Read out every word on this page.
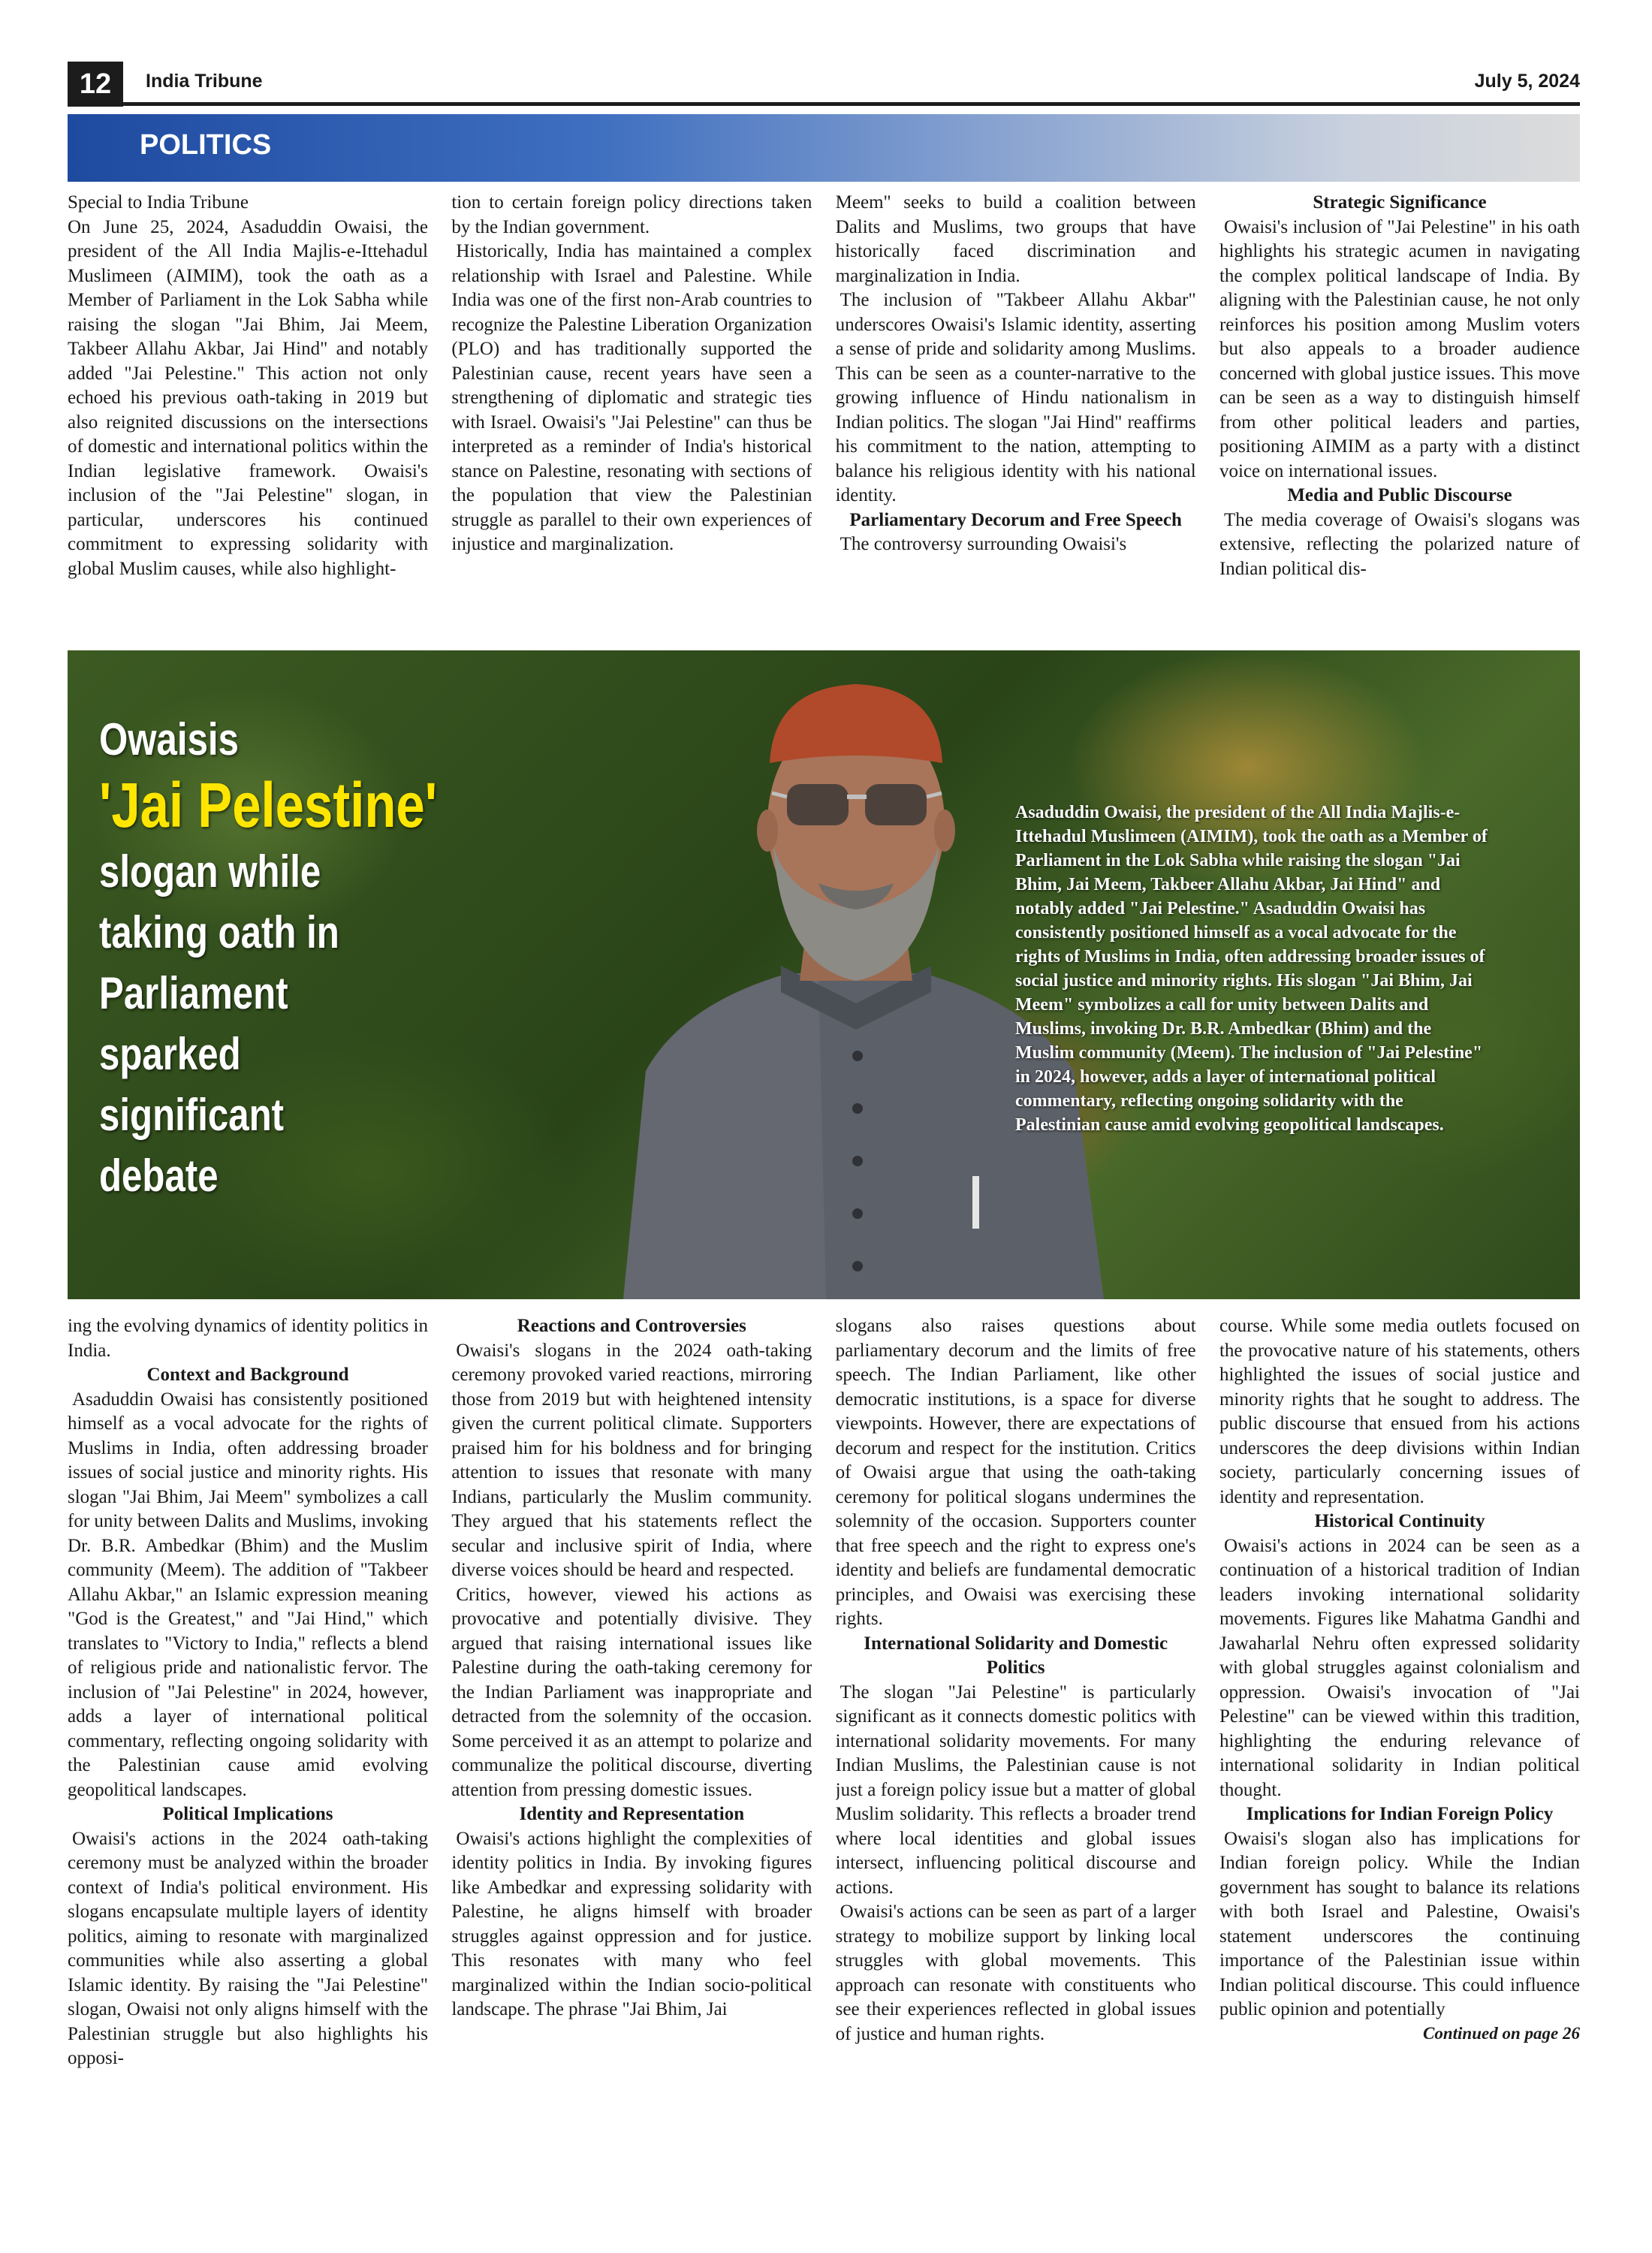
12	India Tribune	July 5, 2024
POLITICS

Special to India Tribune

On June 25, 2024, Asaduddin Owaisi, the president of the All India Majlis-e-Ittehadul Muslimeen (AIMIM), took the oath as a Member of Parliament in the Lok Sabha while raising the slogan "Jai Bhim, Jai Meem, Takbeer Allahu Akbar, Jai Hind" and notably added "Jai Pelestine." This action not only echoed his previous oath-taking in 2019 but also reignited discussions on the intersections of domestic and international politics within the Indian legislative framework. Owaisi's inclusion of the "Jai Pelestine" slogan, in particular, underscores his continued commitment to expressing solidarity with global Muslim causes, while also highlight-

tion to certain foreign policy directions taken by the Indian government.

Historically, India has maintained a complex relationship with Israel and Palestine. While India was one of the first non-Arab countries to recognize the Palestine Liberation Organization (PLO) and has traditionally supported the Palestinian cause, recent years have seen a strengthening of diplomatic and strategic ties with Israel. Owaisi's "Jai Pelestine" can thus be interpreted as a reminder of India's historical stance on Palestine, resonating with sections of the population that view the Palestinian struggle as parallel to their own experiences of injustice and marginalization.

Meem" seeks to build a coalition between Dalits and Muslims, two groups that have historically faced discrimination and marginalization in India.

The inclusion of "Takbeer Allahu Akbar" underscores Owaisi's Islamic identity, asserting a sense of pride and solidarity among Muslims. This can be seen as a counter-narrative to the growing influence of Hindu nationalism in Indian politics. The slogan "Jai Hind" reaffirms his commitment to the nation, attempting to balance his religious identity with his national identity.

Parliamentary Decorum and Free Speech

The controversy surrounding Owaisi's

Strategic Significance

Owaisi's inclusion of "Jai Pelestine" in his oath highlights his strategic acumen in navigating the complex political landscape of India. By aligning with the Palestinian cause, he not only reinforces his position among Muslim voters but also appeals to a broader audience concerned with global justice issues. This move can be seen as a way to distinguish himself from other political leaders and parties, positioning AIMIM as a party with a distinct voice on international issues.

Media and Public Discourse

The media coverage of Owaisi's slogans was extensive, reflecting the polarized nature of Indian political dis-

Owaisis
'Jai Pelestine'
slogan while
taking oath in
Parliament
sparked
significant
debate
Asaduddin Owaisi, the president of the All India Majlis-e-Ittehadul Muslimeen (AIMIM), took the oath as a Member of Parliament in the Lok Sabha while raising the slogan "Jai Bhim, Jai Meem, Takbeer Allahu Akbar, Jai Hind" and notably added "Jai Pelestine." Asaduddin Owaisi has consistently positioned himself as a vocal advocate for the rights of Muslims in India, often addressing broader issues of social justice and minority rights. His slogan "Jai Bhim, Jai Meem" symbolizes a call for unity between Dalits and Muslims, invoking Dr. B.R. Ambedkar (Bhim) and the Muslim community (Meem). The inclusion of "Jai Pelestine" in 2024, however, adds a layer of international political commentary, reflecting ongoing solidarity with the Palestinian cause amid evolving geopolitical landscapes.

ing the evolving dynamics of identity politics in India.

Context and Background

Asaduddin Owaisi has consistently positioned himself as a vocal advocate for the rights of Muslims in India, often addressing broader issues of social justice and minority rights. His slogan "Jai Bhim, Jai Meem" symbolizes a call for unity between Dalits and Muslims, invoking Dr. B.R. Ambedkar (Bhim) and the Muslim community (Meem). The addition of "Takbeer Allahu Akbar," an Islamic expression meaning "God is the Greatest," and "Jai Hind," which translates to "Victory to India," reflects a blend of religious pride and nationalistic fervor. The inclusion of "Jai Pelestine" in 2024, however, adds a layer of international political commentary, reflecting ongoing solidarity with the Palestinian cause amid evolving geopolitical landscapes.

Political Implications

Owaisi's actions in the 2024 oath-taking ceremony must be analyzed within the broader context of India's political environment. His slogans encapsulate multiple layers of identity politics, aiming to resonate with marginalized communities while also asserting a global Islamic identity. By raising the "Jai Pelestine" slogan, Owaisi not only aligns himself with the Palestinian struggle but also highlights his opposi-

Reactions and Controversies

Owaisi's slogans in the 2024 oath-taking ceremony provoked varied reactions, mirroring those from 2019 but with heightened intensity given the current political climate. Supporters praised him for his boldness and for bringing attention to issues that resonate with many Indians, particularly the Muslim community. They argued that his statements reflect the secular and inclusive spirit of India, where diverse voices should be heard and respected.

Critics, however, viewed his actions as provocative and potentially divisive. They argued that raising international issues like Palestine during the oath-taking ceremony for the Indian Parliament was inappropriate and detracted from the solemnity of the occasion. Some perceived it as an attempt to polarize and communalize the political discourse, diverting attention from pressing domestic issues.

Identity and Representation

Owaisi's actions highlight the complexities of identity politics in India. By invoking figures like Ambedkar and expressing solidarity with Palestine, he aligns himself with broader struggles against oppression and for justice. This resonates with many who feel marginalized within the Indian socio-political landscape. The phrase "Jai Bhim, Jai

slogans also raises questions about parliamentary decorum and the limits of free speech. The Indian Parliament, like other democratic institutions, is a space for diverse viewpoints. However, there are expectations of decorum and respect for the institution. Critics of Owaisi argue that using the oath-taking ceremony for political slogans undermines the solemnity of the occasion. Supporters counter that free speech and the right to express one's identity and beliefs are fundamental democratic principles, and Owaisi was exercising these rights.

International Solidarity and Domestic Politics

The slogan "Jai Pelestine" is particularly significant as it connects domestic politics with international solidarity movements. For many Indian Muslims, the Palestinian cause is not just a foreign policy issue but a matter of global Muslim solidarity. This reflects a broader trend where local identities and global issues intersect, influencing political discourse and actions.

Owaisi's actions can be seen as part of a larger strategy to mobilize support by linking local struggles with global movements. This approach can resonate with constituents who see their experiences reflected in global issues of justice and human rights.

course. While some media outlets focused on the provocative nature of his statements, others highlighted the issues of social justice and minority rights that he sought to address. The public discourse that ensued from his actions underscores the deep divisions within Indian society, particularly concerning issues of identity and representation.

Historical Continuity

Owaisi's actions in 2024 can be seen as a continuation of a historical tradition of Indian leaders invoking international solidarity movements. Figures like Mahatma Gandhi and Jawaharlal Nehru often expressed solidarity with global struggles against colonialism and oppression. Owaisi's invocation of "Jai Pelestine" can be viewed within this tradition, highlighting the enduring relevance of international solidarity in Indian political thought.

Implications for Indian Foreign Policy

Owaisi's slogan also has implications for Indian foreign policy. While the Indian government has sought to balance its relations with both Israel and Palestine, Owaisi's statement underscores the continuing importance of the Palestinian issue within Indian political discourse. This could influence public opinion and potentially

Continued on page 26
